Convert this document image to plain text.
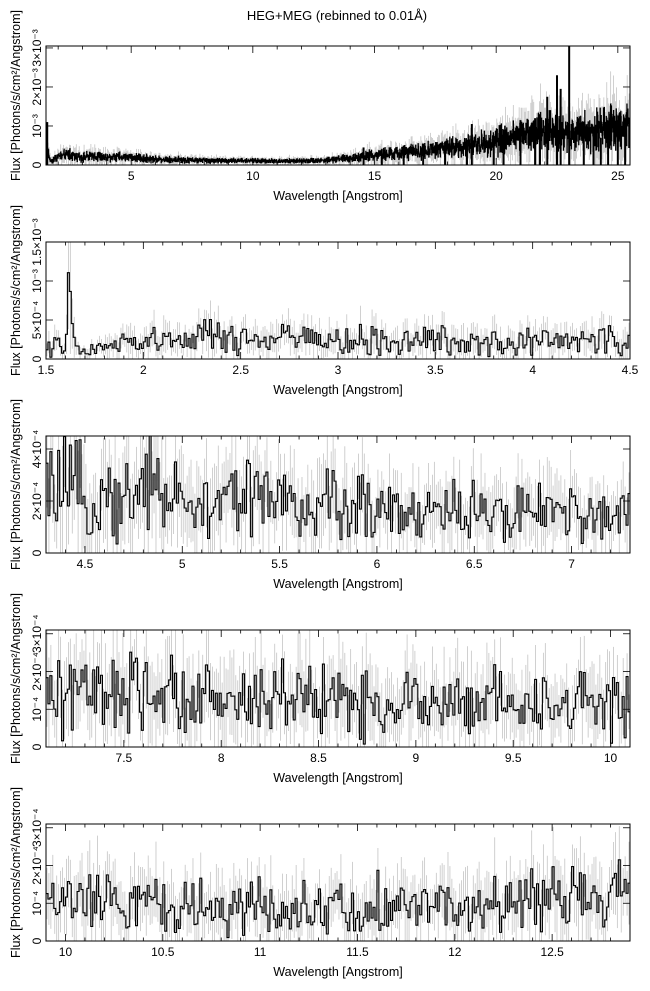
HEG+MEG (rebinned to 0.01Å)
5	10	15	20	25
0
10⁻³
2×10⁻³
3×10⁻³
Wavelength [Angstrom]
Flux [Photons/s/cm²/Angstrom]
1.5	2	2.5	3	3.5	4	4.5
0
5×10⁻⁴
10⁻³
1.5×10⁻³
Wavelength [Angstrom]
Flux [Photons/s/cm²/Angstrom]
4.5	5	5.5	6	6.5	7
0
2×10⁻⁴
4×10⁻⁴
Wavelength [Angstrom]
Flux [Photons/s/cm²/Angstrom]
7.5	8	8.5	9	9.5	10
0
10⁻⁴
2×10⁻⁴
3×10⁻⁴
Wavelength [Angstrom]
Flux [Photons/s/cm²/Angstrom]
10	10.5	11	11.5	12	12.5
0
10⁻⁴
2×10⁻⁴
3×10⁻⁴
Wavelength [Angstrom]
Flux [Photons/s/cm²/Angstrom]
